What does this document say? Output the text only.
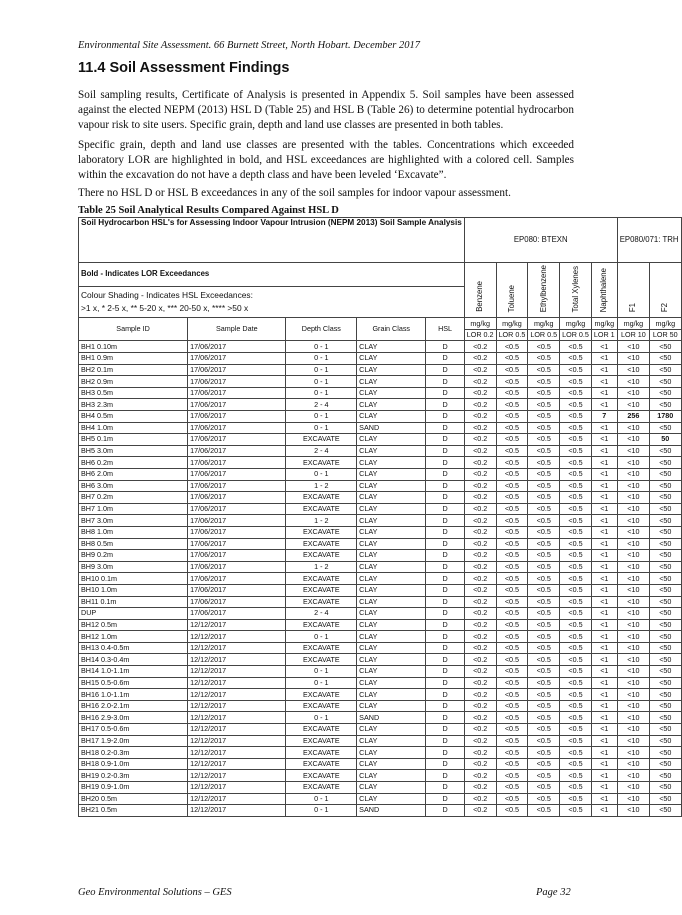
Environmental Site Assessment. 66 Burnett Street, North Hobart. December 2017
11.4 Soil Assessment Findings

Soil sampling results, Certificate of Analysis is presented in Appendix 5. Soil samples have been assessed against the elected NEPM (2013) HSL D (Table 25) and HSL B (Table 26) to determine potential hydrocarbon vapour risk to site users. Specific grain, depth and land use classes are presented in both tables.

Specific grain, depth and land use classes are presented with the tables. Concentrations which exceeded laboratory LOR are highlighted in bold, and HSL exceedances are highlighted with a colored cell. Samples within the excavation do not have a depth class and have been leveled ‘Excavate”.

There no HSL D or HSL B exceedances in any of the soil samples for indoor vapour assessment.

Table 25 Soil Analytical Results Compared Against HSL D
Soil Hydrocarbon HSL's for Assessing Indoor Vapour Intrusion (NEPM 2013) Soil Sample Analysis					EP080: BTEXN					EP080/071: TRH	
Bold - Indicates LOR Exceedances					Benzene	Toluene	Ethylbenzene	Total Xylenes	Naphthalene	F1	F2

Colour Shading - Indicates HSL Exceedances:
>1 x, * 2-5 x, ** 5-20 x, *** 20-50 x, **** >50 x											

Sample ID	Sample Date	Depth Class	Grain Class	HSL	mg/kg	mg/kg	mg/kg	mg/kg	mg/kg	mg/kg	mg/kg
					LOR 0.2	LOR 0.5	LOR 0.5	LOR 0.5	LOR 1	LOR 10	LOR 50
BH1 0.10m	17/06/2017	0 - 1	CLAY	D	<0.2	<0.5	<0.5	<0.5	<1	<10	<50
BH1 0.9m	17/06/2017	0 - 1	CLAY	D	<0.2	<0.5	<0.5	<0.5	<1	<10	<50
BH2 0.1m	17/06/2017	0 - 1	CLAY	D	<0.2	<0.5	<0.5	<0.5	<1	<10	<50
BH2 0.9m	17/06/2017	0 - 1	CLAY	D	<0.2	<0.5	<0.5	<0.5	<1	<10	<50
BH3 0.5m	17/06/2017	0 - 1	CLAY	D	<0.2	<0.5	<0.5	<0.5	<1	<10	<50
BH3 2.3m	17/06/2017	2 - 4	CLAY	D	<0.2	<0.5	<0.5	<0.5	<1	<10	<50
BH4 0.5m	17/06/2017	0 - 1	CLAY	D	<0.2	<0.5	<0.5	<0.5	7	256	1780
BH4 1.0m	17/06/2017	0 - 1	SAND	D	<0.2	<0.5	<0.5	<0.5	<1	<10	<50
BH5 0.1m	17/06/2017	EXCAVATE	CLAY	D	<0.2	<0.5	<0.5	<0.5	<1	<10	50
BH5 3.0m	17/06/2017	2 - 4	CLAY	D	<0.2	<0.5	<0.5	<0.5	<1	<10	<50
BH6 0.2m	17/06/2017	EXCAVATE	CLAY	D	<0.2	<0.5	<0.5	<0.5	<1	<10	<50
BH6 2.0m	17/06/2017	0 - 1	CLAY	D	<0.2	<0.5	<0.5	<0.5	<1	<10	<50
BH6 3.0m	17/06/2017	1 - 2	CLAY	D	<0.2	<0.5	<0.5	<0.5	<1	<10	<50
BH7 0.2m	17/06/2017	EXCAVATE	CLAY	D	<0.2	<0.5	<0.5	<0.5	<1	<10	<50
BH7 1.0m	17/06/2017	EXCAVATE	CLAY	D	<0.2	<0.5	<0.5	<0.5	<1	<10	<50
BH7 3.0m	17/06/2017	1 - 2	CLAY	D	<0.2	<0.5	<0.5	<0.5	<1	<10	<50
BH8 1.0m	17/06/2017	EXCAVATE	CLAY	D	<0.2	<0.5	<0.5	<0.5	<1	<10	<50
BH8 0.5m	17/06/2017	EXCAVATE	CLAY	D	<0.2	<0.5	<0.5	<0.5	<1	<10	<50
BH9 0.2m	17/06/2017	EXCAVATE	CLAY	D	<0.2	<0.5	<0.5	<0.5	<1	<10	<50
BH9 3.0m	17/06/2017	1 - 2	CLAY	D	<0.2	<0.5	<0.5	<0.5	<1	<10	<50
BH10 0.1m	17/06/2017	EXCAVATE	CLAY	D	<0.2	<0.5	<0.5	<0.5	<1	<10	<50
BH10 1.0m	17/06/2017	EXCAVATE	CLAY	D	<0.2	<0.5	<0.5	<0.5	<1	<10	<50
BH11 0.1m	17/06/2017	EXCAVATE	CLAY	D	<0.2	<0.5	<0.5	<0.5	<1	<10	<50
DUP	17/06/2017	2 - 4	CLAY	D	<0.2	<0.5	<0.5	<0.5	<1	<10	<50
BH12 0.5m	12/12/2017	EXCAVATE	CLAY	D	<0.2	<0.5	<0.5	<0.5	<1	<10	<50
BH12 1.0m	12/12/2017	0 - 1	CLAY	D	<0.2	<0.5	<0.5	<0.5	<1	<10	<50
BH13 0.4-0.5m	12/12/2017	EXCAVATE	CLAY	D	<0.2	<0.5	<0.5	<0.5	<1	<10	<50
BH14 0.3-0.4m	12/12/2017	EXCAVATE	CLAY	D	<0.2	<0.5	<0.5	<0.5	<1	<10	<50
BH14 1.0-1.1m	12/12/2017	0 - 1	CLAY	D	<0.2	<0.5	<0.5	<0.5	<1	<10	<50
BH15 0.5-0.6m	12/12/2017	0 - 1	CLAY	D	<0.2	<0.5	<0.5	<0.5	<1	<10	<50
BH16 1.0-1.1m	12/12/2017	EXCAVATE	CLAY	D	<0.2	<0.5	<0.5	<0.5	<1	<10	<50
BH16 2.0-2.1m	12/12/2017	EXCAVATE	CLAY	D	<0.2	<0.5	<0.5	<0.5	<1	<10	<50
BH16 2.9-3.0m	12/12/2017	0 - 1	SAND	D	<0.2	<0.5	<0.5	<0.5	<1	<10	<50
BH17 0.5-0.6m	12/12/2017	EXCAVATE	CLAY	D	<0.2	<0.5	<0.5	<0.5	<1	<10	<50
BH17 1.9-2.0m	12/12/2017	EXCAVATE	CLAY	D	<0.2	<0.5	<0.5	<0.5	<1	<10	<50
BH18 0.2-0.3m	12/12/2017	EXCAVATE	CLAY	D	<0.2	<0.5	<0.5	<0.5	<1	<10	<50
BH18 0.9-1.0m	12/12/2017	EXCAVATE	CLAY	D	<0.2	<0.5	<0.5	<0.5	<1	<10	<50
BH19 0.2-0.3m	12/12/2017	EXCAVATE	CLAY	D	<0.2	<0.5	<0.5	<0.5	<1	<10	<50
BH19 0.9-1.0m	12/12/2017	EXCAVATE	CLAY	D	<0.2	<0.5	<0.5	<0.5	<1	<10	<50
BH20 0.5m	12/12/2017	0 - 1	CLAY	D	<0.2	<0.5	<0.5	<0.5	<1	<10	<50
BH21 0.5m	12/12/2017	0 - 1	SAND	D	<0.2	<0.5	<0.5	<0.5	<1	<10	<50
Geo Environmental Solutions – GES	Page 32
